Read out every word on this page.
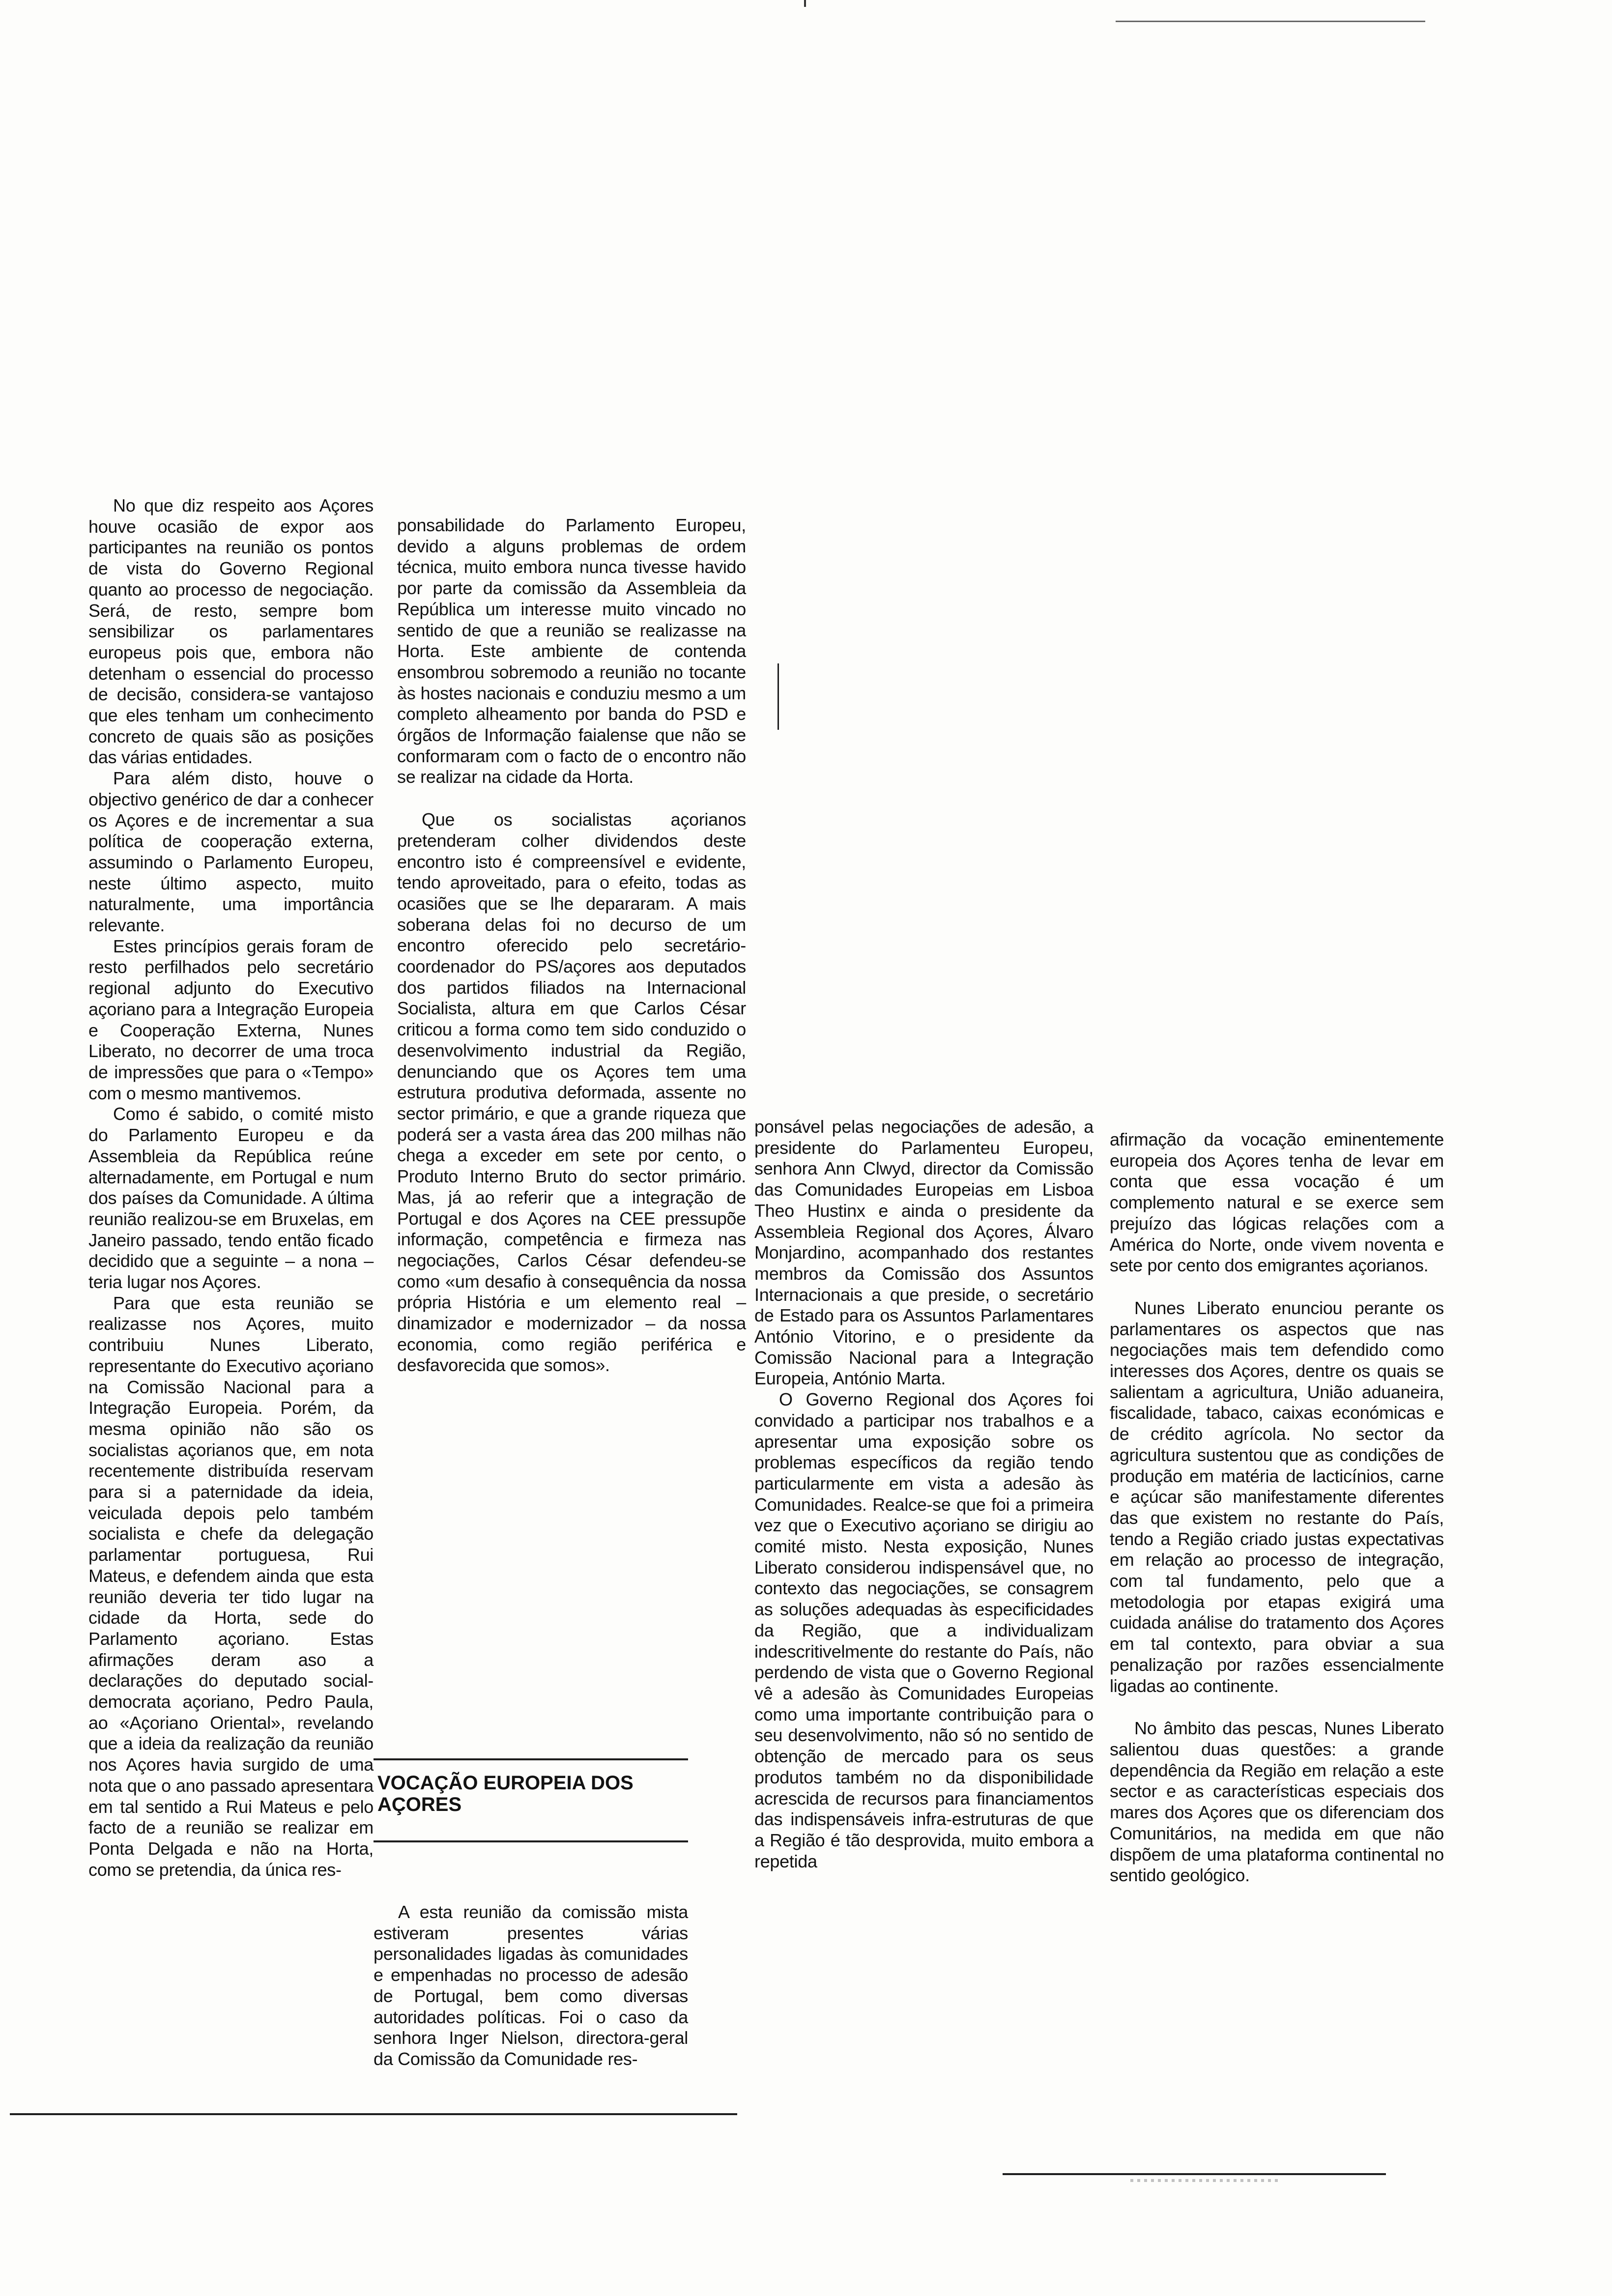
No que diz respeito aos Açores houve ocasião de expor aos participantes na reunião os pontos de vista do Governo Regional quanto ao processo de negociação. Será, de resto, sempre bom sensibilizar os parlamentares europeus pois que, embora não detenham o essencial do processo de decisão, considera-se vantajoso que eles tenham um conhecimento concreto de quais são as posições das várias entidades.

Para além disto, houve o objectivo genérico de dar a conhecer os Açores e de incrementar a sua política de cooperação externa, assumindo o Parlamento Europeu, neste último aspecto, muito naturalmente, uma importância relevante.

Estes princípios gerais foram de resto perfilhados pelo secretário regional adjunto do Executivo açoriano para a Integração Europeia e Cooperação Externa, Nunes Liberato, no decorrer de uma troca de impressões que para o «Tempo» com o mesmo mantivemos.

Como é sabido, o comité misto do Parlamento Europeu e da Assembleia da República reúne alternadamente, em Portugal e num dos países da Comunidade. A última reunião realizou-se em Bruxelas, em Janeiro passado, tendo então ficado decidido que a seguinte – a nona – teria lugar nos Açores.

Para que esta reunião se realizasse nos Açores, muito contribuiu Nunes Liberato, representante do Executivo açoriano na Comissão Nacional para a Integração Europeia. Porém, da mesma opinião não são os socialistas açorianos que, em nota recentemente distribuída reservam para si a paternidade da ideia, veiculada depois pelo também socialista e chefe da delegação parlamentar portuguesa, Rui Mateus, e defendem ainda que esta reunião deveria ter tido lugar na cidade da Horta, sede do Parlamento açoriano. Estas afirmações deram aso a declarações do deputado social-democrata açoriano, Pedro Paula, ao «Açoriano Oriental», revelando que a ideia da realização da reunião nos Açores havia surgido de uma nota que o ano passado apresentara em tal sentido a Rui Mateus e pelo facto de a reunião se realizar em Ponta Delgada e não na Horta, como se pretendia, da única res-

ponsabilidade do Parlamento Europeu, devido a alguns problemas de ordem técnica, muito embora nunca tivesse havido por parte da comissão da Assembleia da República um interesse muito vincado no sentido de que a reunião se realizasse na Horta. Este ambiente de contenda ensombrou sobremodo a reunião no tocante às hostes nacionais e conduziu mesmo a um completo alheamento por banda do PSD e órgãos de Informação faialense que não se conformaram com o facto de o encontro não se realizar na cidade da Horta.

Que os socialistas açorianos pretenderam colher dividendos deste encontro isto é compreensível e evidente, tendo aproveitado, para o efeito, todas as ocasiões que se lhe depararam. A mais soberana delas foi no decurso de um encontro oferecido pelo secretário-coordenador do PS/açores aos deputados dos partidos filiados na Internacional Socialista, altura em que Carlos César criticou a forma como tem sido conduzido o desenvolvimento industrial da Região, denunciando que os Açores tem uma estrutura produtiva deformada, assente no sector primário, e que a grande riqueza que poderá ser a vasta área das 200 milhas não chega a exceder em sete por cento, o Produto Interno Bruto do sector primário. Mas, já ao referir que a integração de Portugal e dos Açores na CEE pressupõe informação, competência e firmeza nas negociações, Carlos César defendeu-se como «um desafio à consequência da nossa própria História e um elemento real – dinamizador e modernizador – da nossa economia, como região periférica e desfavorecida que somos».

VOCAÇÃO EUROPEIA DOS AÇORES

A esta reunião da comissão mista estiveram presentes várias personalidades ligadas às comunidades e empenhadas no processo de adesão de Portugal, bem como diversas autoridades políticas. Foi o caso da senhora Inger Nielson, directora-geral da Comissão da Comunidade res-

ponsável pelas negociações de adesão, a presidente do Parlamenteu Europeu, senhora Ann Clwyd, director da Comissão das Comunidades Europeias em Lisboa Theo Hustinx e ainda o presidente da Assembleia Regional dos Açores, Álvaro Monjardino, acompanhado dos restantes membros da Comissão dos Assuntos Internacionais a que preside, o secretário de Estado para os Assuntos Parlamentares António Vitorino, e o presidente da Comissão Nacional para a Integração Europeia, António Marta.

O Governo Regional dos Açores foi convidado a participar nos trabalhos e a apresentar uma exposição sobre os problemas específicos da região tendo particularmente em vista a adesão às Comunidades. Realce-se que foi a primeira vez que o Executivo açoriano se dirigiu ao comité misto. Nesta exposição, Nunes Liberato considerou indispensável que, no contexto das negociações, se consagrem as soluções adequadas às especificidades da Região, que a individualizam indescritivelmente do restante do País, não perdendo de vista que o Governo Regional vê a adesão às Comunidades Europeias como uma importante contribuição para o seu desenvolvimento, não só no sentido de obtenção de mercado para os seus produtos também no da disponibilidade acrescida de recursos para financiamentos das indispensáveis infra-estruturas de que a Região é tão desprovida, muito embora a repetida

afirmação da vocação eminentemente europeia dos Açores tenha de levar em conta que essa vocação é um complemento natural e se exerce sem prejuízo das lógicas relações com a América do Norte, onde vivem noventa e sete por cento dos emigrantes açorianos.

Nunes Liberato enunciou perante os parlamentares os aspectos que nas negociações mais tem defendido como interesses dos Açores, dentre os quais se salientam a agricultura, União aduaneira, fiscalidade, tabaco, caixas económicas e de crédito agrícola. No sector da agricultura sustentou que as condições de produção em matéria de lacticínios, carne e açúcar são manifestamente diferentes das que existem no restante do País, tendo a Região criado justas expectativas em relação ao processo de integração, com tal fundamento, pelo que a metodologia por etapas exigirá uma cuidada análise do tratamento dos Açores em tal contexto, para obviar a sua penalização por razões essencialmente ligadas ao continente.

No âmbito das pescas, Nunes Liberato salientou duas questões: a grande dependência da Região em relação a este sector e as características especiais dos mares dos Açores que os diferenciam dos Comunitários, na medida em que não dispõem de uma plataforma continental no sentido geológico.
